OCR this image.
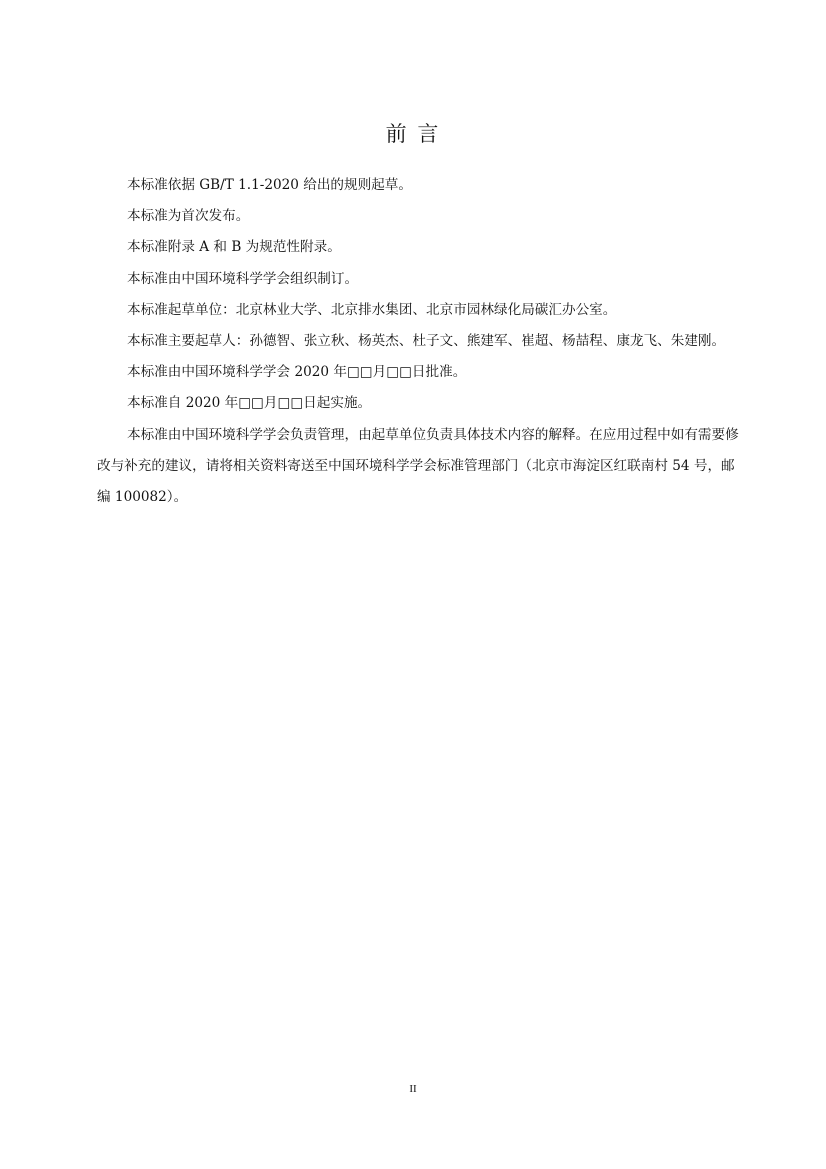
前 言

本标准依据 GB/T 1.1-2020 给出的规则起草。

本标准为首次发布。

本标准附录 A 和 B 为规范性附录。

本标准由中国环境科学学会组织制订。

本标准起草单位：北京林业大学、北京排水集团、北京市园林绿化局碳汇办公室。

本标准主要起草人：孙德智、张立秋、杨英杰、杜子文、熊建军、崔超、杨喆程、康龙飞、朱建刚。

本标准由中国环境科学学会 2020 年□□月□□日批准。

本标准自 2020 年□□月□□日起实施。

本标准由中国环境科学学会负责管理，由起草单位负责具体技术内容的解释。在应用过程中如有需要修改与补充的建议，请将相关资料寄送至中国环境科学学会标准管理部门（北京市海淀区红联南村 54 号，邮编 100082）。

II
